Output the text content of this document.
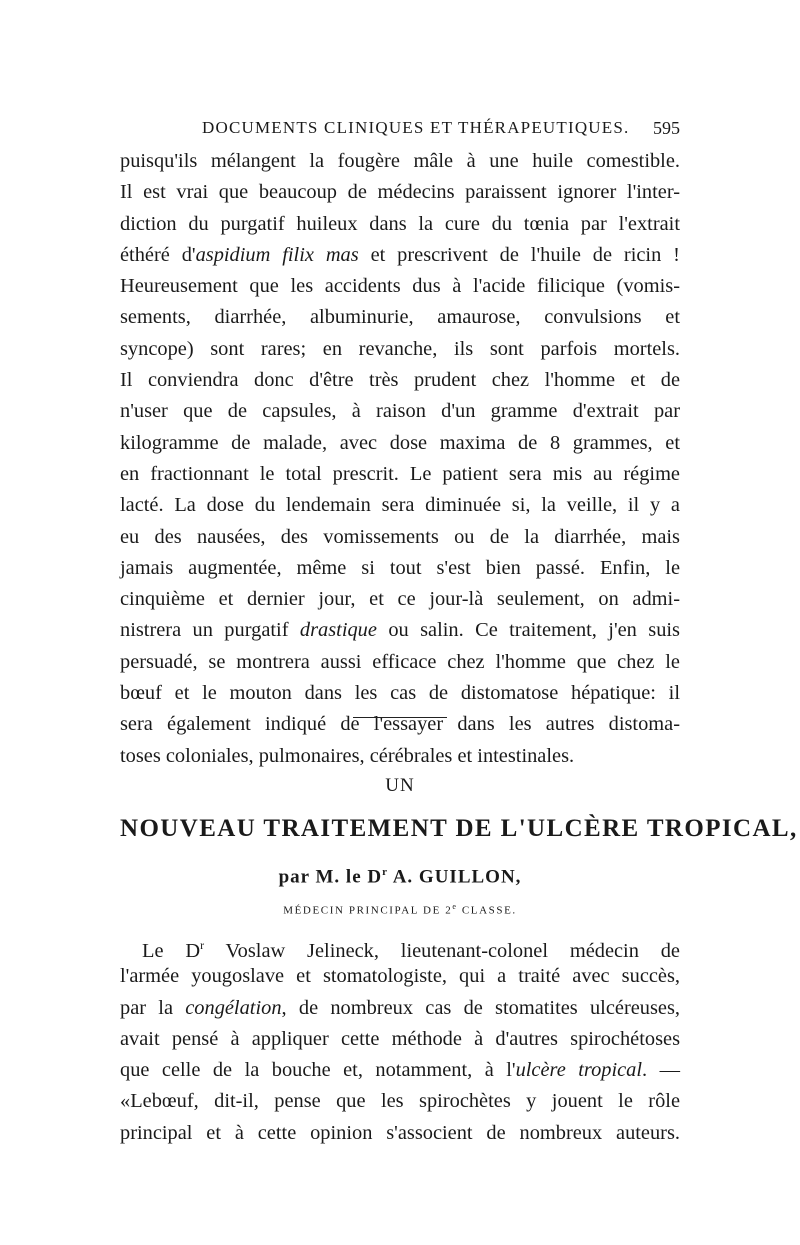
DOCUMENTS CLINIQUES ET THÉRAPEUTIQUES. 595
puisqu'ils mélangent la fougère mâle à une huile comestible.
Il est vrai que beaucoup de médecins paraissent ignorer l'inter-
diction du purgatif huileux dans la cure du tœnia par l'extrait
éthéré d'aspidium filix mas et prescrivent de l'huile de ricin !
Heureusement que les accidents dus à l'acide filicique (vomis-
sements, diarrhée, albuminurie, amaurose, convulsions et
syncope) sont rares; en revanche, ils sont parfois mortels.
Il conviendra donc d'être très prudent chez l'homme et de
n'user que de capsules, à raison d'un gramme d'extrait par
kilogramme de malade, avec dose maxima de 8 grammes, et
en fractionnant le total prescrit. Le patient sera mis au régime
lacté. La dose du lendemain sera diminuée si, la veille, il y a
eu des nausées, des vomissements ou de la diarrhée, mais
jamais augmentée, même si tout s'est bien passé. Enfin, le
cinquième et dernier jour, et ce jour-là seulement, on admi-
nistrera un purgatif drastique ou salin. Ce traitement, j'en suis
persuadé, se montrera aussi efficace chez l'homme que chez le
bœuf et le mouton dans les cas de distomatose hépatique: il
sera également indiqué de l'essayer dans les autres distoma-
toses coloniales, pulmonaires, cérébrales et intestinales.
UN
NOUVEAU TRAITEMENT DE L'ULCÈRE TROPICAL,
par M. le $D^r$ A. GUILLON,
MÉDECIN PRINCIPAL DE 2e CLASSE.
Le $D^r$ Voslaw Jelineck, lieutenant-colonel médecin de
l'armée yougoslave et stomatologiste, qui a traité avec succès,
par la congélation, de nombreux cas de stomatites ulcéreuses,
avait pensé à appliquer cette méthode à d'autres spirochétoses
que celle de la bouche et, notamment, à l'ulcère tropical. —
«Lebœuf, dit-il, pense que les spirochètes y jouent le rôle
principal et à cette opinion s'associent de nombreux auteurs.
